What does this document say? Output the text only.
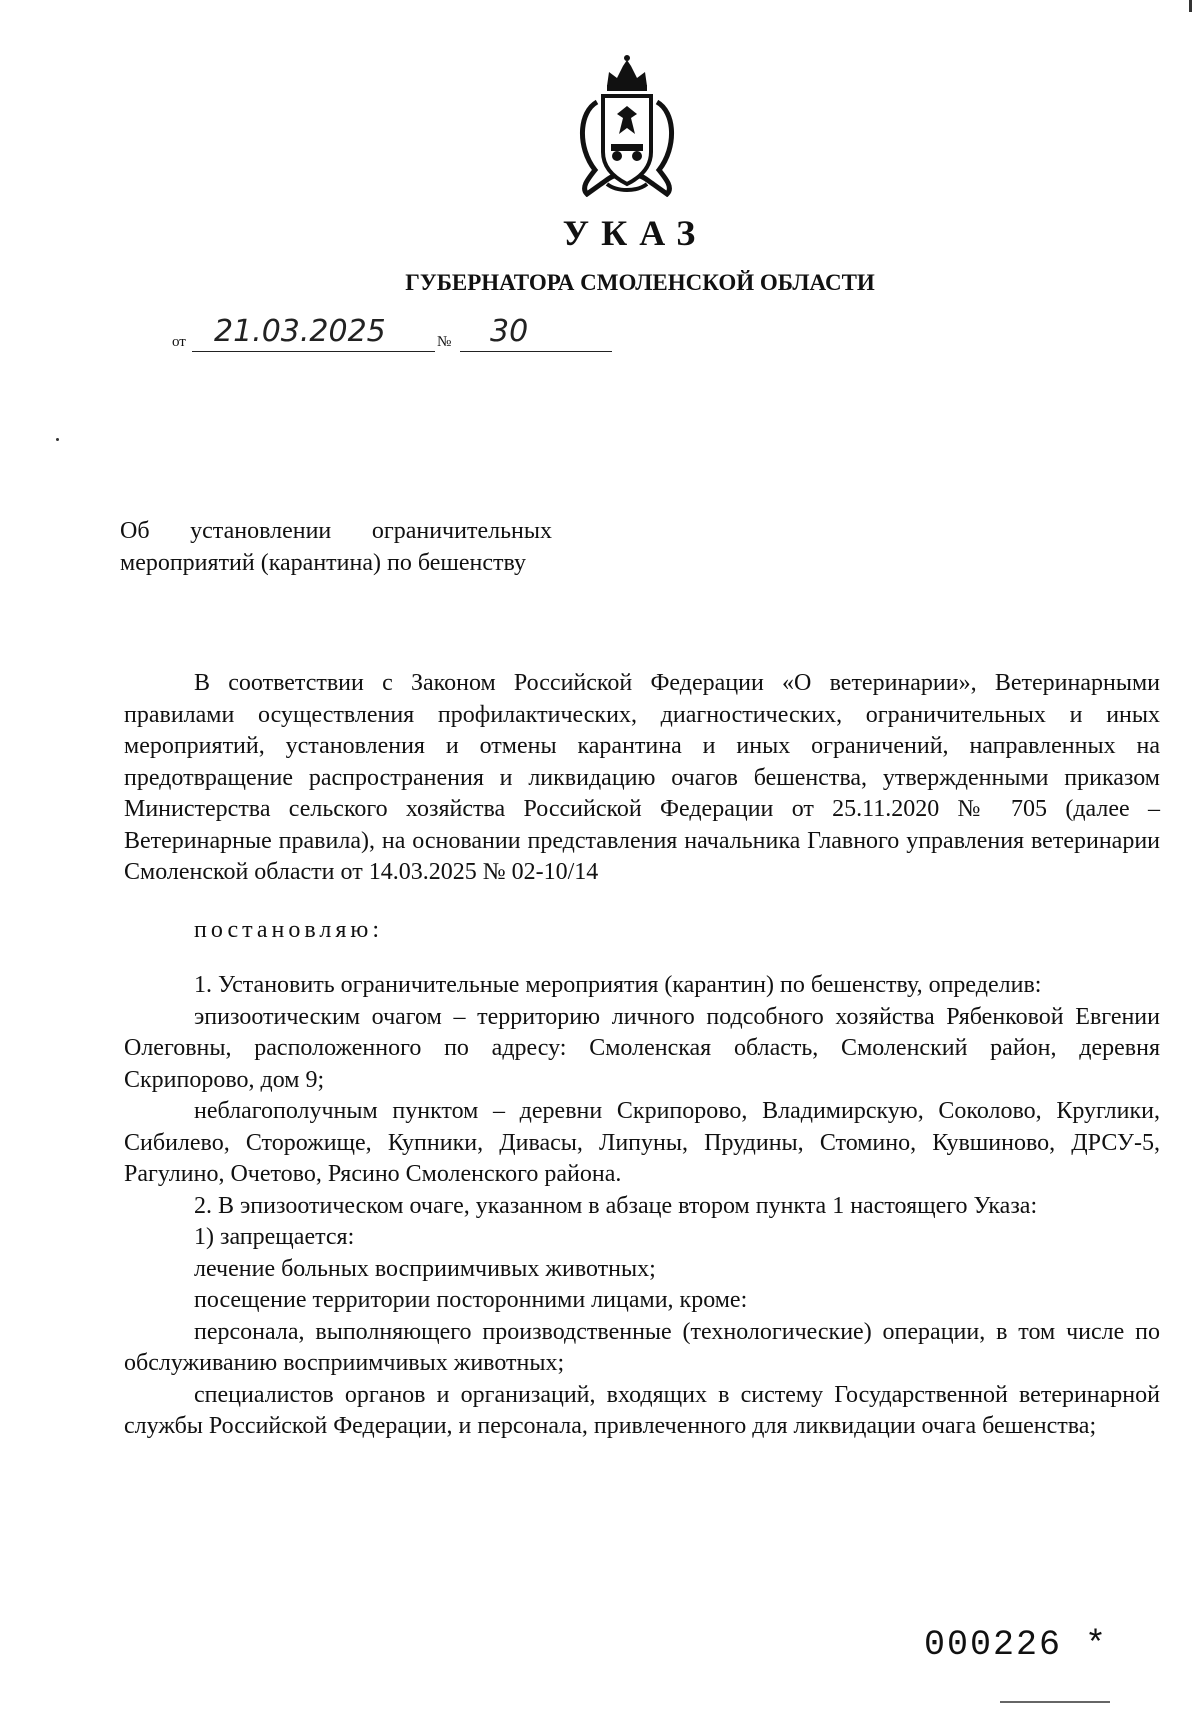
УКАЗ
ГУБЕРНАТОРА СМОЛЕНСКОЙ ОБЛАСТИ
от 21.03.2025	№ 30
Об установлении ограничительных мероприятий (карантина) по бешенству

В соответствии с Законом Российской Федерации «О ветеринарии», Ветеринарными правилами осуществления профилактических, диагностических, ограничительных и иных мероприятий, установления и отмены карантина и иных ограничений, направленных на предотвращение распространения и ликвидацию очагов бешенства, утвержденными приказом Министерства сельского хозяйства Российской Федерации от 25.11.2020 № 705 (далее – Ветеринарные правила), на основании представления начальника Главного управления ветеринарии Смоленской области от 14.03.2025 № 02-10/14

постановляю:

1. Установить ограничительные мероприятия (карантин) по бешенству, определив:

эпизоотическим очагом – территорию личного подсобного хозяйства Рябенковой Евгении Олеговны, расположенного по адресу: Смоленская область, Смоленский район, деревня Скрипорово, дом 9;

неблагополучным пунктом – деревни Скрипорово, Владимирскую, Соколово, Круглики, Сибилево, Сторожище, Купники, Дивасы, Липуны, Прудины, Стомино, Кувшиново, ДРСУ-5, Рагулино, Очетово, Рясино Смоленского района.

2. В эпизоотическом очаге, указанном в абзаце втором пункта 1 настоящего Указа:

1) запрещается:

лечение больных восприимчивых животных;

посещение территории посторонними лицами, кроме:

персонала, выполняющего производственные (технологические) операции, в том числе по обслуживанию восприимчивых животных;

специалистов органов и организаций, входящих в систему Государственной ветеринарной службы Российской Федерации, и персонала, привлеченного для ликвидации очага бешенства;

000226 *
